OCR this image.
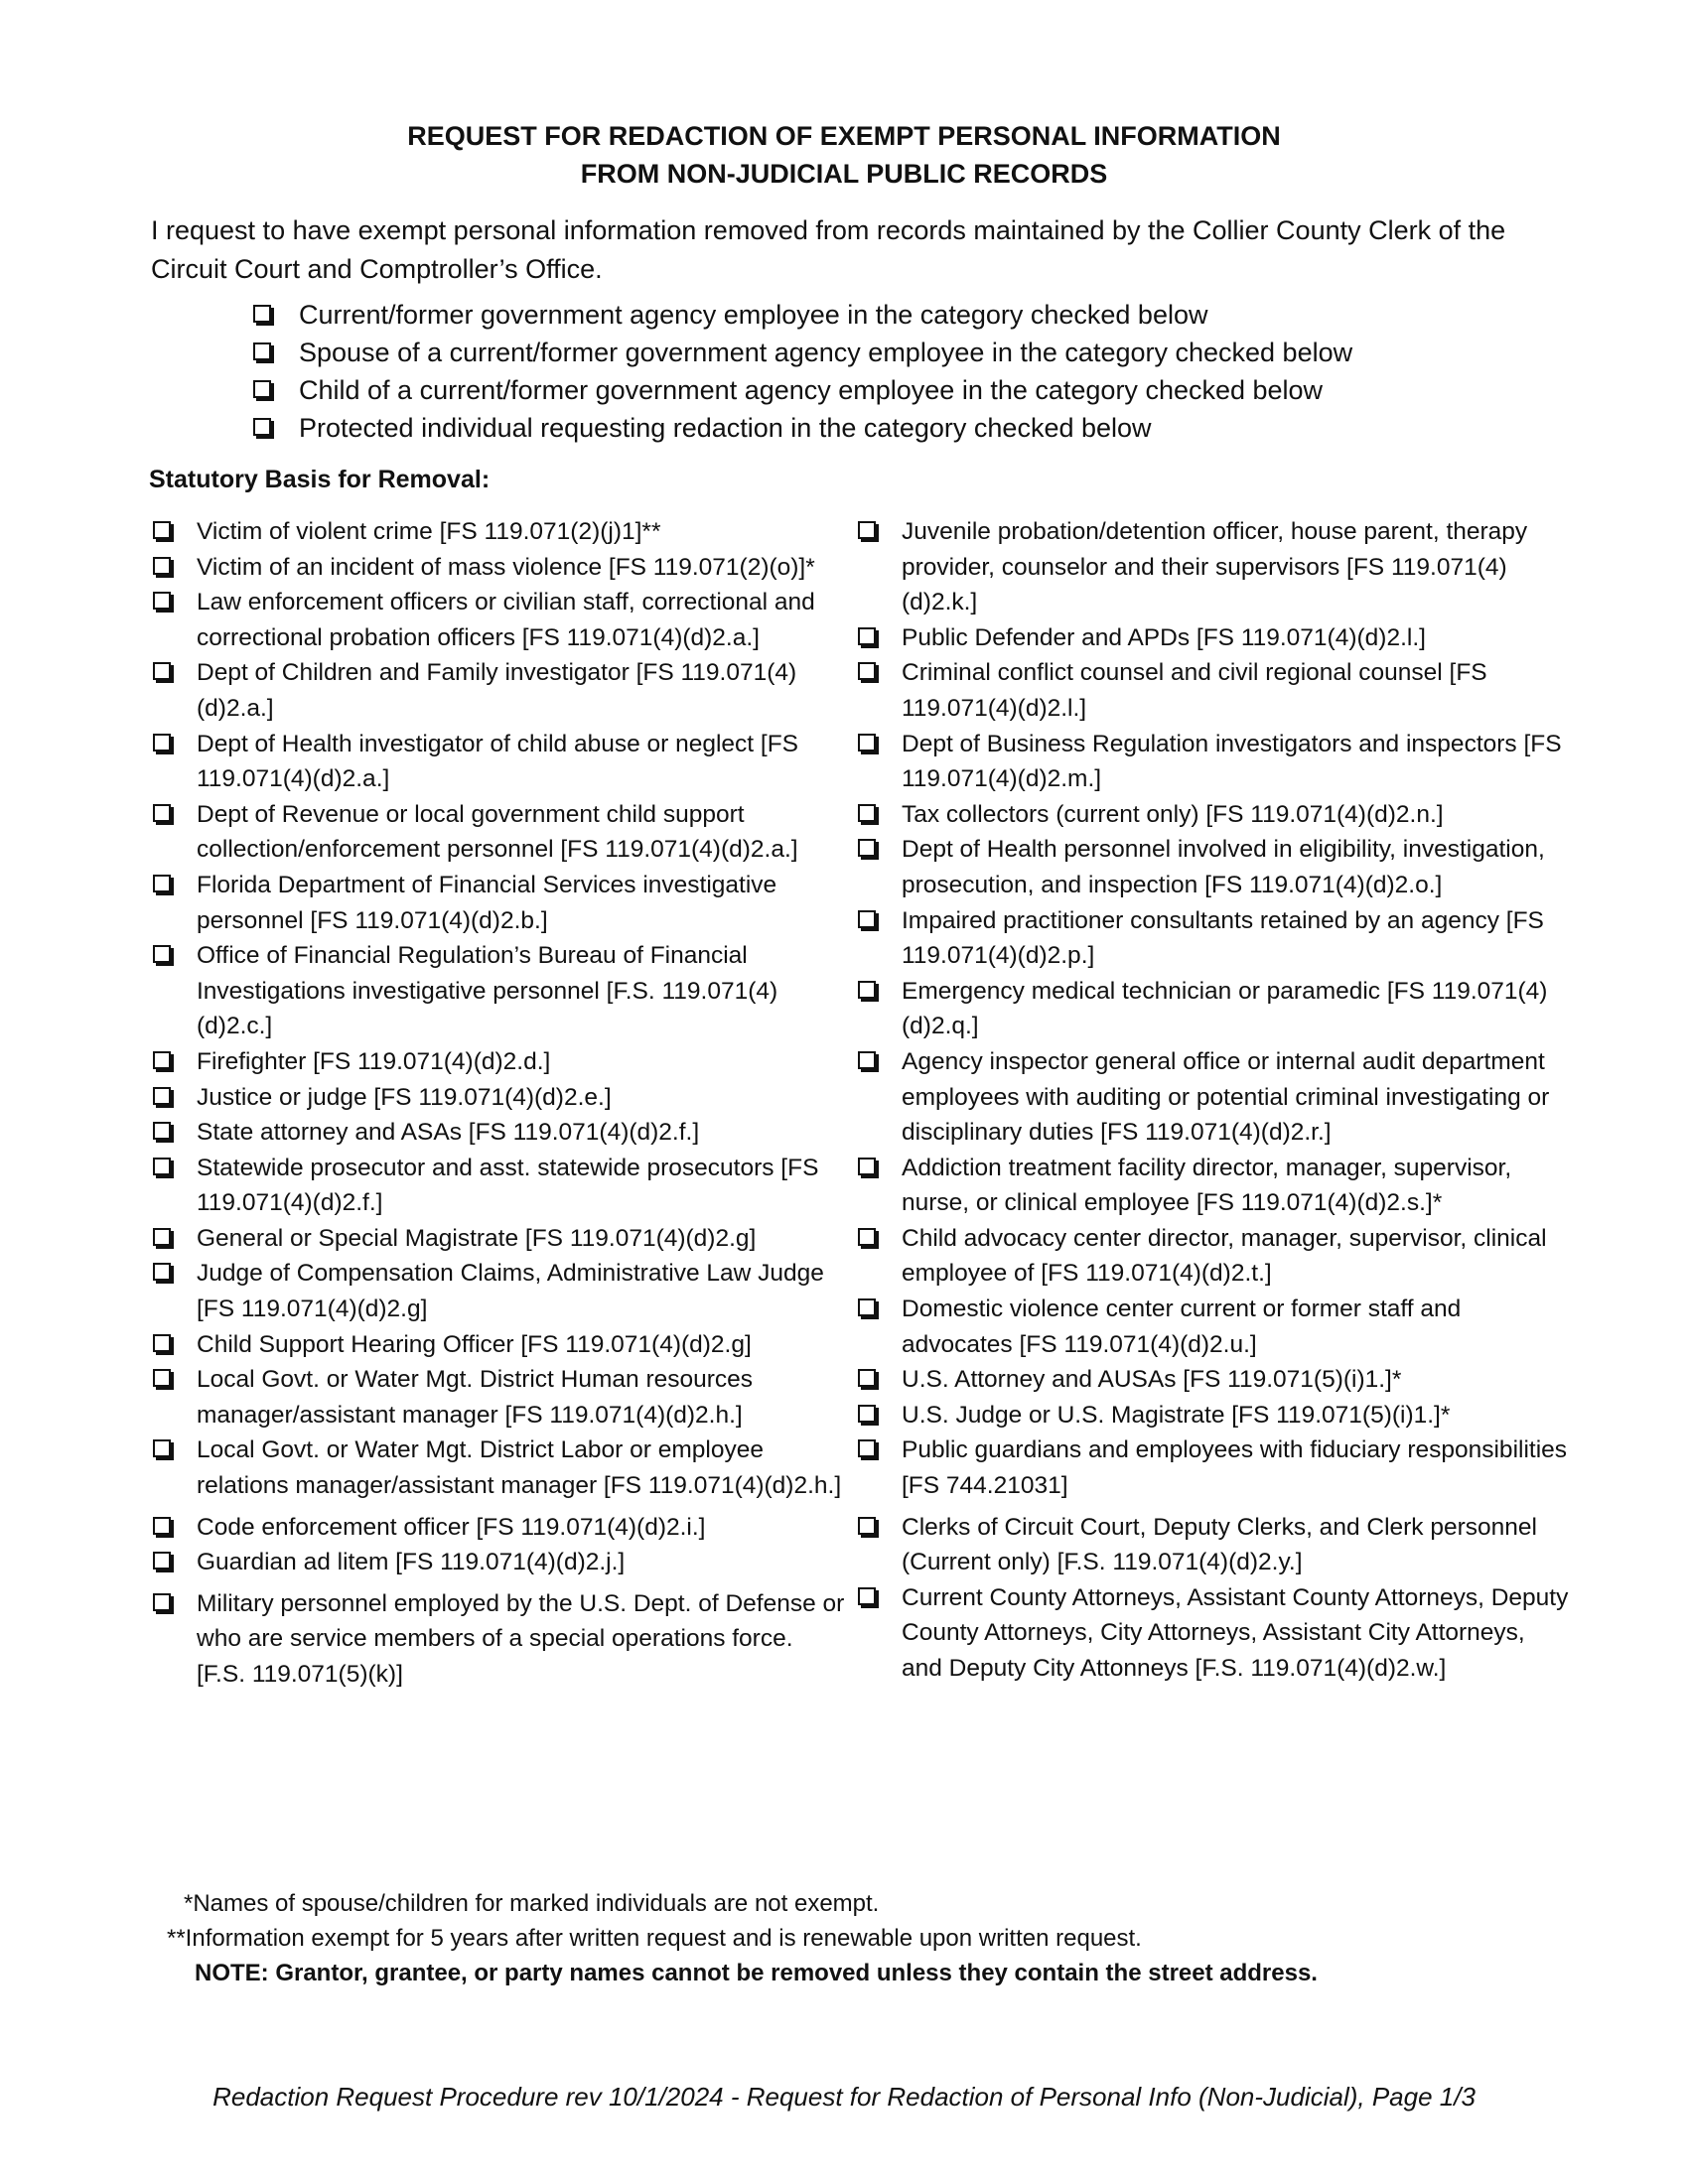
REQUEST FOR REDACTION OF EXEMPT PERSONAL INFORMATION
FROM NON-JUDICIAL PUBLIC RECORDS
I request to have exempt personal information removed from records maintained by the Collier County Clerk of the Circuit Court and Comptroller’s Office.
Current/former government agency employee in the category checked below
Spouse of a current/former government agency employee in the category checked below
Child of a current/former government agency employee in the category checked below
Protected individual requesting redaction in the category checked below
Statutory Basis for Removal:
Victim of violent crime [FS 119.071(2)(j)1]**
Victim of an incident of mass violence [FS 119.071(2)(o)]*
Law enforcement officers or civilian staff, correctional and correctional probation officers [FS 119.071(4)(d)2.a.]
Dept of Children and Family investigator [FS 119.071(4)(d)2.a.]
Dept of Health investigator of child abuse or neglect [FS 119.071(4)(d)2.a.]
Dept of Revenue or local government child support collection/enforcement personnel [FS 119.071(4)(d)2.a.]
Florida Department of Financial Services investigative personnel [FS 119.071(4)(d)2.b.]
Office of Financial Regulation’s Bureau of Financial Investigations investigative personnel [F.S. 119.071(4)(d)2.c.]
Firefighter [FS 119.071(4)(d)2.d.]
Justice or judge [FS 119.071(4)(d)2.e.]
State attorney and ASAs [FS 119.071(4)(d)2.f.]
Statewide prosecutor and asst. statewide prosecutors [FS 119.071(4)(d)2.f.]
General or Special Magistrate [FS 119.071(4)(d)2.g]
Judge of Compensation Claims, Administrative Law Judge [FS 119.071(4)(d)2.g]
Child Support Hearing Officer [FS 119.071(4)(d)2.g]
Local Govt. or Water Mgt. District Human resources manager/assistant manager [FS 119.071(4)(d)2.h.]
Local Govt. or Water Mgt. District Labor or employee relations manager/assistant manager [FS 119.071(4)(d)2.h.]
Code enforcement officer [FS 119.071(4)(d)2.i.]
Guardian ad litem [FS 119.071(4)(d)2.j.]
Military personnel employed by the U.S. Dept. of Defense or who are service members of a special operations force. [F.S. 119.071(5)(k)]
Juvenile probation/detention officer, house parent, therapy provider, counselor and their supervisors [FS 119.071(4)(d)2.k.]
Public Defender and APDs [FS 119.071(4)(d)2.l.]
Criminal conflict counsel and civil regional counsel [FS 119.071(4)(d)2.l.]
Dept of Business Regulation investigators and inspectors [FS 119.071(4)(d)2.m.]
Tax collectors (current only) [FS 119.071(4)(d)2.n.]
Dept of Health personnel involved in eligibility, investigation, prosecution, and inspection [FS 119.071(4)(d)2.o.]
Impaired practitioner consultants retained by an agency [FS 119.071(4)(d)2.p.]
Emergency medical technician or paramedic [FS 119.071(4)(d)2.q.]
Agency inspector general office or internal audit department employees with auditing or potential criminal investigating or disciplinary duties [FS 119.071(4)(d)2.r.]
Addiction treatment facility director, manager, supervisor, nurse, or clinical employee [FS 119.071(4)(d)2.s.]*
Child advocacy center director, manager, supervisor, clinical employee of [FS 119.071(4)(d)2.t.]
Domestic violence center current or former staff and advocates [FS 119.071(4)(d)2.u.]
U.S. Attorney and AUSAs [FS 119.071(5)(i)1.]*
U.S. Judge or U.S. Magistrate [FS 119.071(5)(i)1.]*
Public guardians and employees with fiduciary responsibilities [FS 744.21031]
Clerks of Circuit Court, Deputy Clerks, and Clerk personnel (Current only) [F.S. 119.071(4)(d)2.y.]
Current County Attorneys, Assistant County Attorneys, Deputy County Attorneys, City Attorneys, Assistant City Attorneys, and Deputy City Attonneys [F.S. 119.071(4)(d)2.w.]
*Names of spouse/children for marked individuals are not exempt.
**Information exempt for 5 years after written request and is renewable upon written request.
NOTE: Grantor, grantee, or party names cannot be removed unless they contain the street address.
Redaction Request Procedure rev 10/1/2024 - Request for Redaction of Personal Info (Non-Judicial), Page 1/3
